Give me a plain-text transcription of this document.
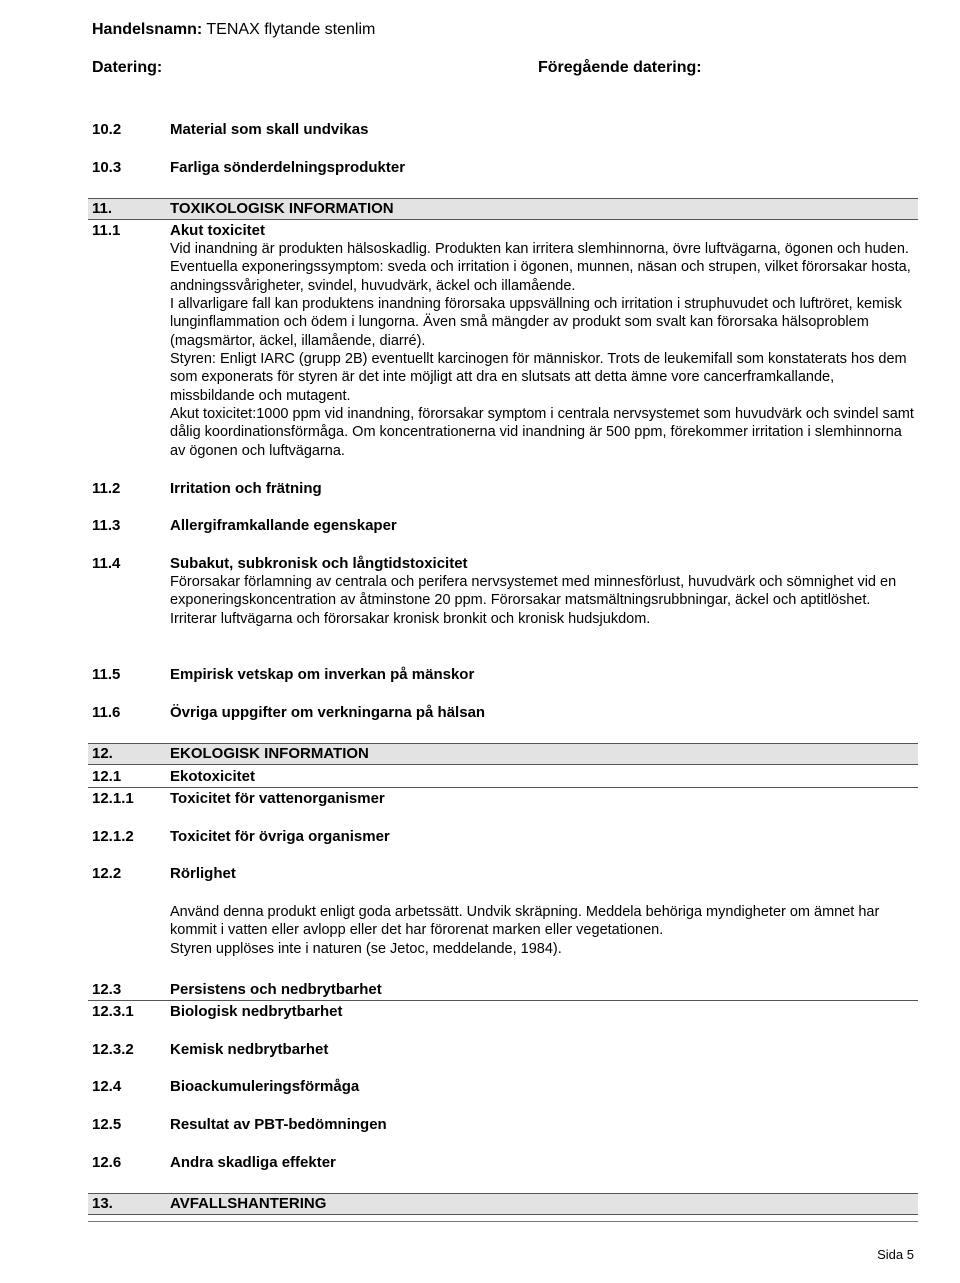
Handelsnamn: TENAX flytande stenlim
Datering:	Föregående datering:
10.2	Material som skall undvikas
10.3	Farliga sönderdelningsprodukter
11.	TOXIKOLOGISK INFORMATION
11.1	Akut toxicitet

Vid inandning är produkten hälsoskadlig. Produkten kan irritera slemhinnorna, övre luftvägarna, ögonen och huden. Eventuella exponeringssymptom: sveda och irritation i ögonen, munnen, näsan och strupen, vilket förorsakar hosta, andningssvårigheter, svindel, huvudvärk, äckel och illamående.

I allvarligare fall kan produktens inandning förorsaka uppsvällning och irritation i struphuvudet och luftröret, kemisk lunginflammation och ödem i lungorna. Även små mängder av produkt som svalt kan förorsaka hälsoproblem (magsmärtor, äckel, illamående, diarré).

Styren: Enligt IARC (grupp 2B) eventuellt karcinogen för människor. Trots de leukemifall som konstaterats hos dem som exponerats för styren är det inte möjligt att dra en slutsats att detta ämne vore cancerframkallande, missbildande och mutagent.

Akut toxicitet:1000 ppm vid inandning, förorsakar symptom i centrala nervsystemet som huvudvärk och svindel samt dålig koordinationsförmåga. Om koncentrationerna vid inandning är 500 ppm, förekommer irritation i slemhinnorna av ögonen och luftvägarna.

11.2	Irritation och frätning
11.3	Allergiframkallande egenskaper
11.4	Subakut, subkronisk och långtidstoxicitet

Förorsakar förlamning av centrala och perifera nervsystemet med minnesförlust, huvudvärk och sömnighet vid en exponeringskoncentration av åtminstone 20 ppm. Förorsakar matsmältningsrubbningar, äckel och aptitlöshet. Irriterar luftvägarna och förorsakar kronisk bronkit och kronisk hudsjukdom.

11.5	Empirisk vetskap om inverkan på mänskor
11.6	Övriga uppgifter om verkningarna på hälsan
12.	EKOLOGISK INFORMATION
12.1	Ekotoxicitet
12.1.1 Toxicitet för vattenorganismer
12.1.2 Toxicitet för övriga organismer
12.2	Rörlighet

Använd denna produkt enligt goda arbetssätt. Undvik skräpning. Meddela behöriga myndigheter om ämnet har kommit i vatten eller avlopp eller det har förorenat marken eller vegetationen.

Styren upplöses inte i naturen (se Jetoc, meddelande, 1984).

12.3	Persistens och nedbrytbarhet
12.3.1 Biologisk nedbrytbarhet
12.3.2 Kemisk nedbrytbarhet
12.4	Bioackumuleringsförmåga
12.5	Resultat av PBT-bedömningen
12.6	Andra skadliga effekter
13.	AVFALLSHANTERING
Sida 5
